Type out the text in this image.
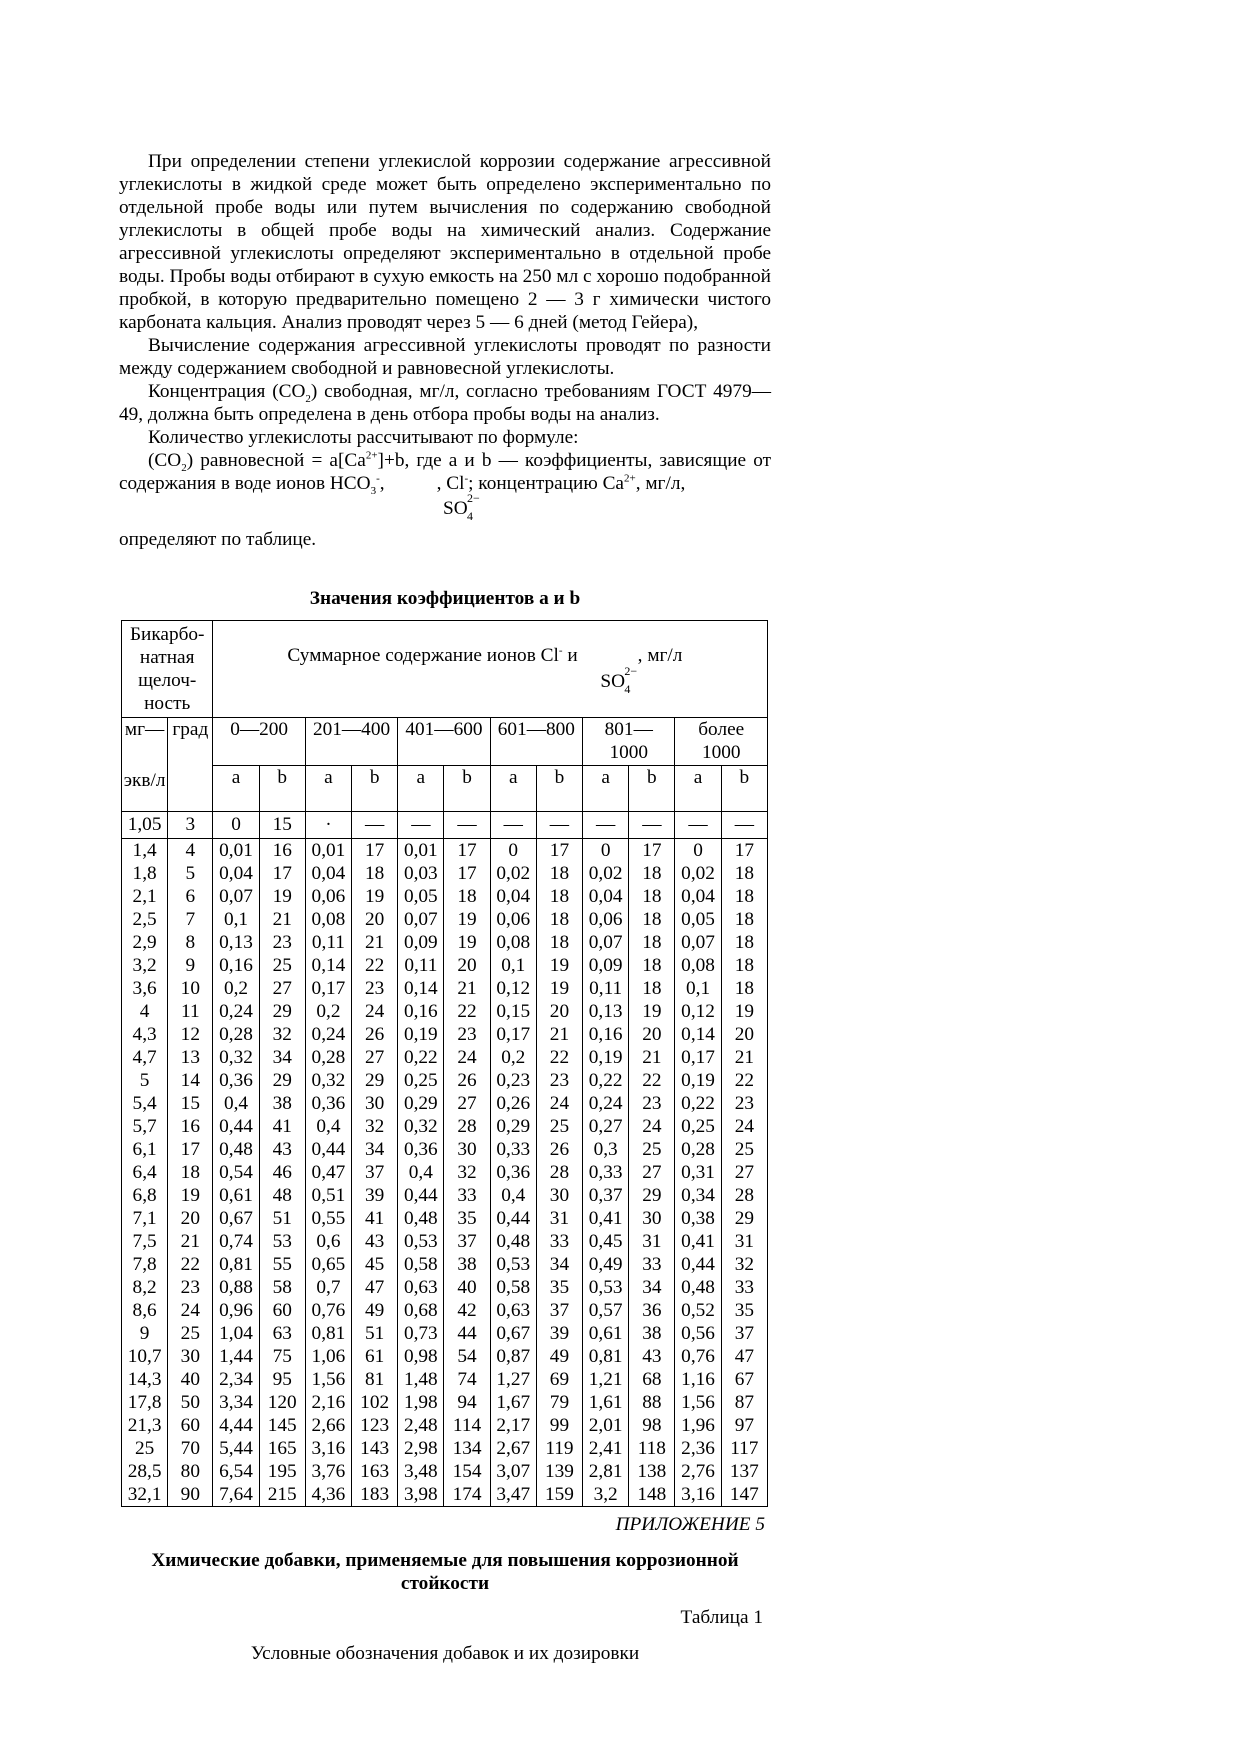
При определении степени углекислой коррозии содержание агрессивной углекислоты в жидкой среде может быть определено экспериментально по отдельной пробе воды или путем вычисления по содержанию свободной углекислоты в общей пробе воды на химический анализ. Содержание агрессивной углекислоты определяют экспериментально в отдельной пробе воды. Пробы воды отбирают в сухую емкость на 250 мл с хорошо подобранной пробкой, в которую предварительно помещено 2 — 3 г химически чистого карбоната кальция. Анализ проводят через 5 — 6 дней (метод Гейера),

Вычисление содержания агрессивной углекислоты проводят по разности между содержанием свободной и равновесной углекислоты.

Концентрация $(CO_2)$ свободная, мг/л, согласно требованиям ГОСТ 4979—49, должна быть определена в день отбора пробы воды на анализ.

Количество углекислоты рассчитывают по формуле:

$(CO_2)$ равновесной = $a[Ca^{2+}]+b$, где а и b — коэффициенты, зависящие от содержания в воде ионов $HCO_3^-$,	, Cl-; концентрацию $Ca^{2+}$, мг/л,

SO 2−
4

определяют по таблице.

Значения коэффициентов a и b
Бикарбо-натная щелоч-ность		Суммарное содержание ионов Cl- и , мг/л
SO 2−
4											

мг—	град	0—200		201—400		401—600		601—800		801—1000		более 1000	
экв/л		a	b	a	b	a	b	a	b	a	b	a	b
1,05	3	0	15	·	—	—	—	—	—	—	—	—	—
1,4	4	0,01	16	0,01	17	0,01	17	0	17	0	17	0	17
1,8	5	0,04	17	0,04	18	0,03	17	0,02	18	0,02	18	0,02	18
2,1	6	0,07	19	0,06	19	0,05	18	0,04	18	0,04	18	0,04	18
2,5	7	0,1	21	0,08	20	0,07	19	0,06	18	0,06	18	0,05	18
2,9	8	0,13	23	0,11	21	0,09	19	0,08	18	0,07	18	0,07	18
3,2	9	0,16	25	0,14	22	0,11	20	0,1	19	0,09	18	0,08	18
3,6	10	0,2	27	0,17	23	0,14	21	0,12	19	0,11	18	0,1	18
4	11	0,24	29	0,2	24	0,16	22	0,15	20	0,13	19	0,12	19
4,3	12	0,28	32	0,24	26	0,19	23	0,17	21	0,16	20	0,14	20
4,7	13	0,32	34	0,28	27	0,22	24	0,2	22	0,19	21	0,17	21
5	14	0,36	29	0,32	29	0,25	26	0,23	23	0,22	22	0,19	22
5,4	15	0,4	38	0,36	30	0,29	27	0,26	24	0,24	23	0,22	23
5,7	16	0,44	41	0,4	32	0,32	28	0,29	25	0,27	24	0,25	24
6,1	17	0,48	43	0,44	34	0,36	30	0,33	26	0,3	25	0,28	25
6,4	18	0,54	46	0,47	37	0,4	32	0,36	28	0,33	27	0,31	27
6,8	19	0,61	48	0,51	39	0,44	33	0,4	30	0,37	29	0,34	28
7,1	20	0,67	51	0,55	41	0,48	35	0,44	31	0,41	30	0,38	29
7,5	21	0,74	53	0,6	43	0,53	37	0,48	33	0,45	31	0,41	31
7,8	22	0,81	55	0,65	45	0,58	38	0,53	34	0,49	33	0,44	32
8,2	23	0,88	58	0,7	47	0,63	40	0,58	35	0,53	34	0,48	33
8,6	24	0,96	60	0,76	49	0,68	42	0,63	37	0,57	36	0,52	35
9	25	1,04	63	0,81	51	0,73	44	0,67	39	0,61	38	0,56	37
10,7	30	1,44	75	1,06	61	0,98	54	0,87	49	0,81	43	0,76	47
14,3	40	2,34	95	1,56	81	1,48	74	1,27	69	1,21	68	1,16	67
17,8	50	3,34	120	2,16	102	1,98	94	1,67	79	1,61	88	1,56	87
21,3	60	4,44	145	2,66	123	2,48	114	2,17	99	2,01	98	1,96	97
25	70	5,44	165	3,16	143	2,98	134	2,67	119	2,41	118	2,36	117
28,5	80	6,54	195	3,76	163	3,48	154	3,07	139	2,81	138	2,76	137
32,1	90	7,64	215	4,36	183	3,98	174	3,47	159	3,2	148	3,16	147
ПРИЛОЖЕНИЕ 5
Химические добавки, применяемые для повышения коррозионной стойкости
Таблица 1
Условные обозначения добавок и их дозировки
